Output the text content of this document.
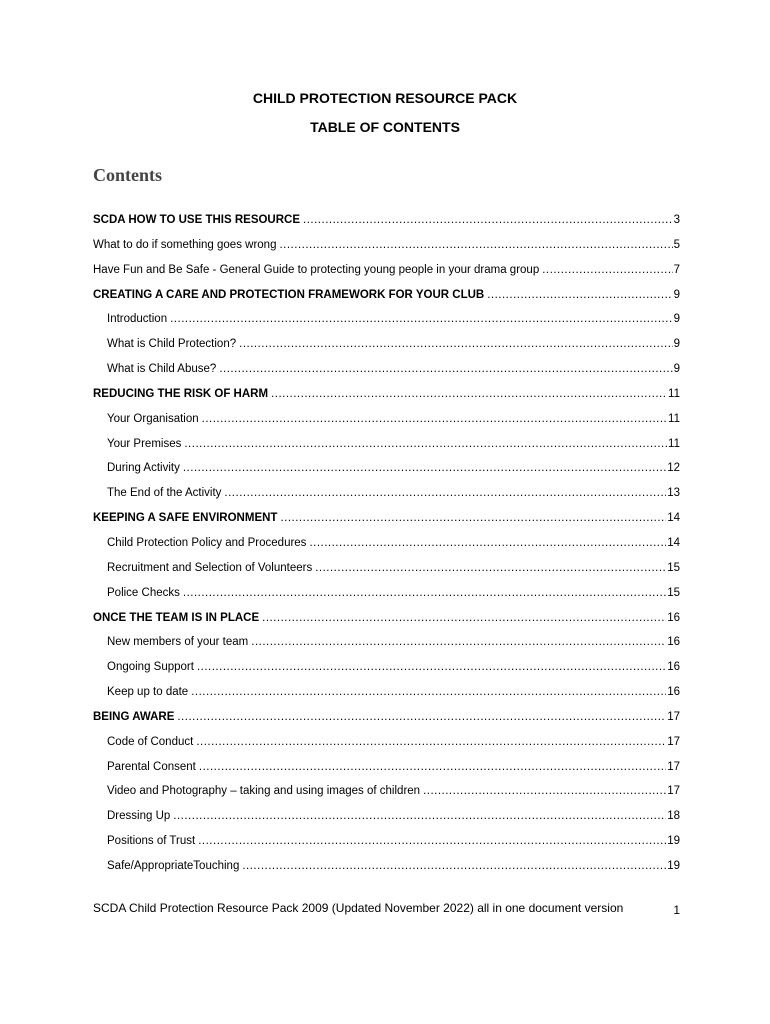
CHILD PROTECTION RESOURCE PACK
TABLE OF CONTENTS
Contents
SCDA HOW TO USE THIS RESOURCE .....	3
What to do if something goes wrong .....	5
Have Fun and Be Safe - General Guide to protecting young people in your drama group .....	7
CREATING A CARE AND PROTECTION FRAMEWORK FOR YOUR CLUB .....	9
Introduction .....	9
What is Child Protection? .....	9
What is Child Abuse? .....	9
REDUCING THE RISK OF HARM .....	11
Your Organisation .....	11
Your Premises .....	11
During Activity .....	12
The End of the Activity .....	13
KEEPING A SAFE ENVIRONMENT .....	14
Child Protection Policy and Procedures .....	14
Recruitment and Selection of Volunteers .....	15
Police Checks .....	15
ONCE THE TEAM IS IN PLACE .....	16
New members of your team .....	16
Ongoing Support .....	16
Keep up to date .....	16
BEING AWARE .....	17
Code of Conduct .....	17
Parental Consent .....	17
Video and Photography – taking and using images of children .....	17
Dressing Up .....	18
Positions of Trust .....	19
Safe/AppropriateTouching .....	19
SCDA Child Protection Resource Pack 2009 (Updated November 2022) all in one document version	1
